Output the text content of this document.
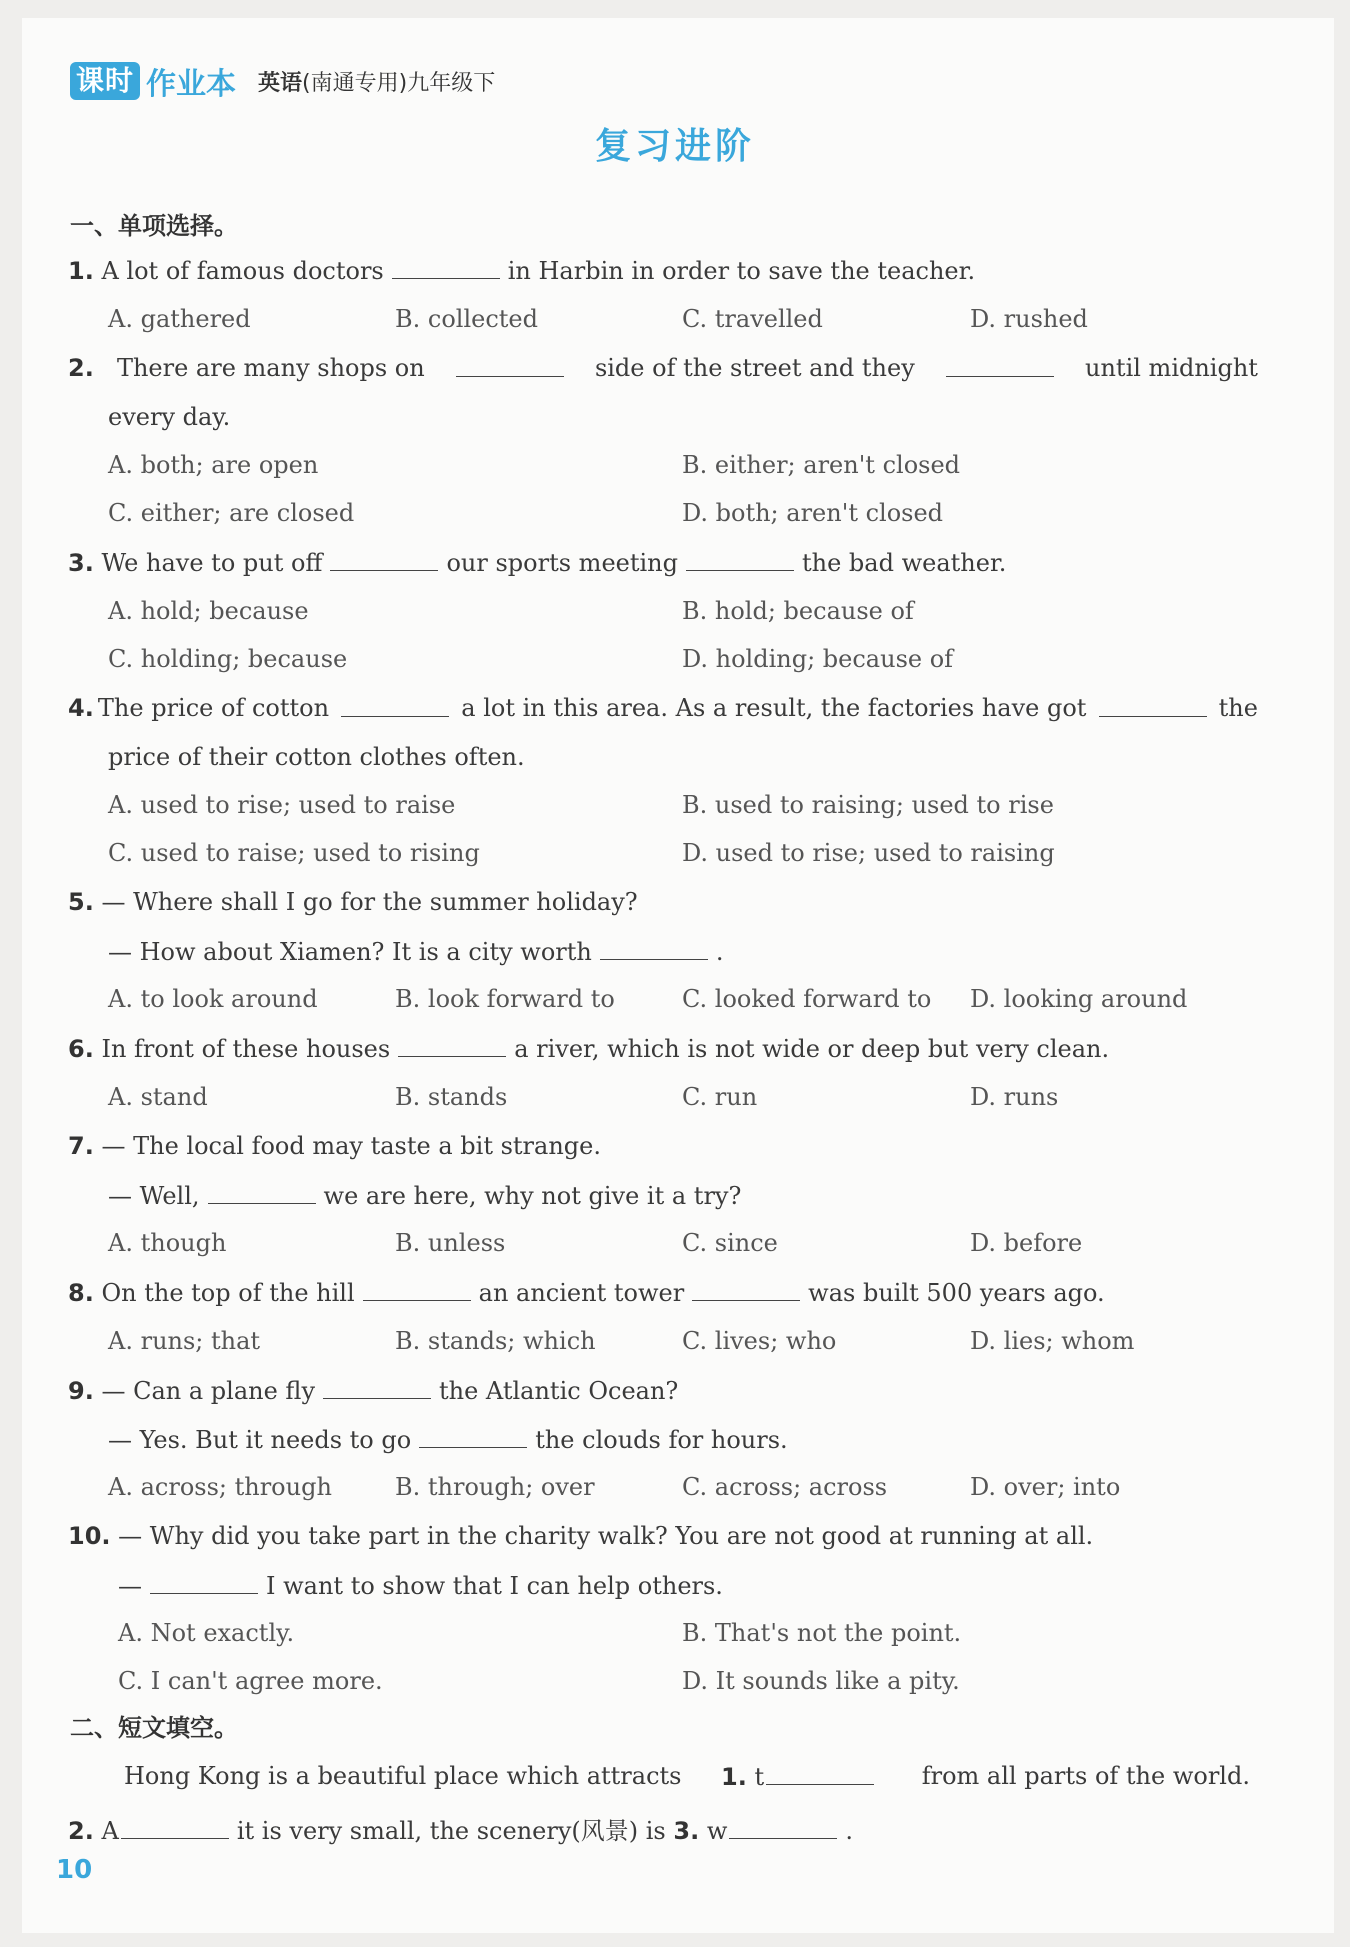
课时 作业本 英语(南通专用)九年级下
复习进阶
一、单项选择。
1. A lot of famous doctors	in Harbin in order to save the teacher.
A. gathered	B. collected	C. travelled	D. rushed
2. There are many shops on	side of the street and they	until midnight
every day.
A. both; are open	B. either; aren't closed
C. either; are closed	D. both; aren't closed
3. We have to put off	our sports meeting	the bad weather.
A. hold; because	B. hold; because of
C. holding; because	D. holding; because of
4. The price of cotton	a lot in this area. As a result, the factories have got	the
price of their cotton clothes often.
A. used to rise; used to raise	B. used to raising; used to rise
C. used to raise; used to rising	D. used to rise; used to raising
5. — Where shall I go for the summer holiday?
— How about Xiamen? It is a city worth	.
A. to look around	B. look forward to	C. looked forward to D. looking around
6. In front of these houses	a river, which is not wide or deep but very clean.
A. stand	B. stands	C. run	D. runs
7. — The local food may taste a bit strange.
— Well,	we are here, why not give it a try?
A. though	B. unless	C. since	D. before
8. On the top of the hill	an ancient tower	was built 500 years ago.
A. runs; that	B. stands; which	C. lives; who	D. lies; whom
9. — Can a plane fly	the Atlantic Ocean?
— Yes. But it needs to go	the clouds for hours.
A. across; through	B. through; over	C. across; across	D. over; into
10. — Why did you take part in the charity walk? You are not good at running at all.
—	I want to show that I can help others.
A. Not exactly.	B. That's not the point.
C. I can't agree more.	D. It sounds like a pity.
二、短文填空。
Hong Kong is a beautiful place which attracts 1. t	from all parts of the world.
2. A	it is very small, the scenery(风景) is 3. w	.
10
